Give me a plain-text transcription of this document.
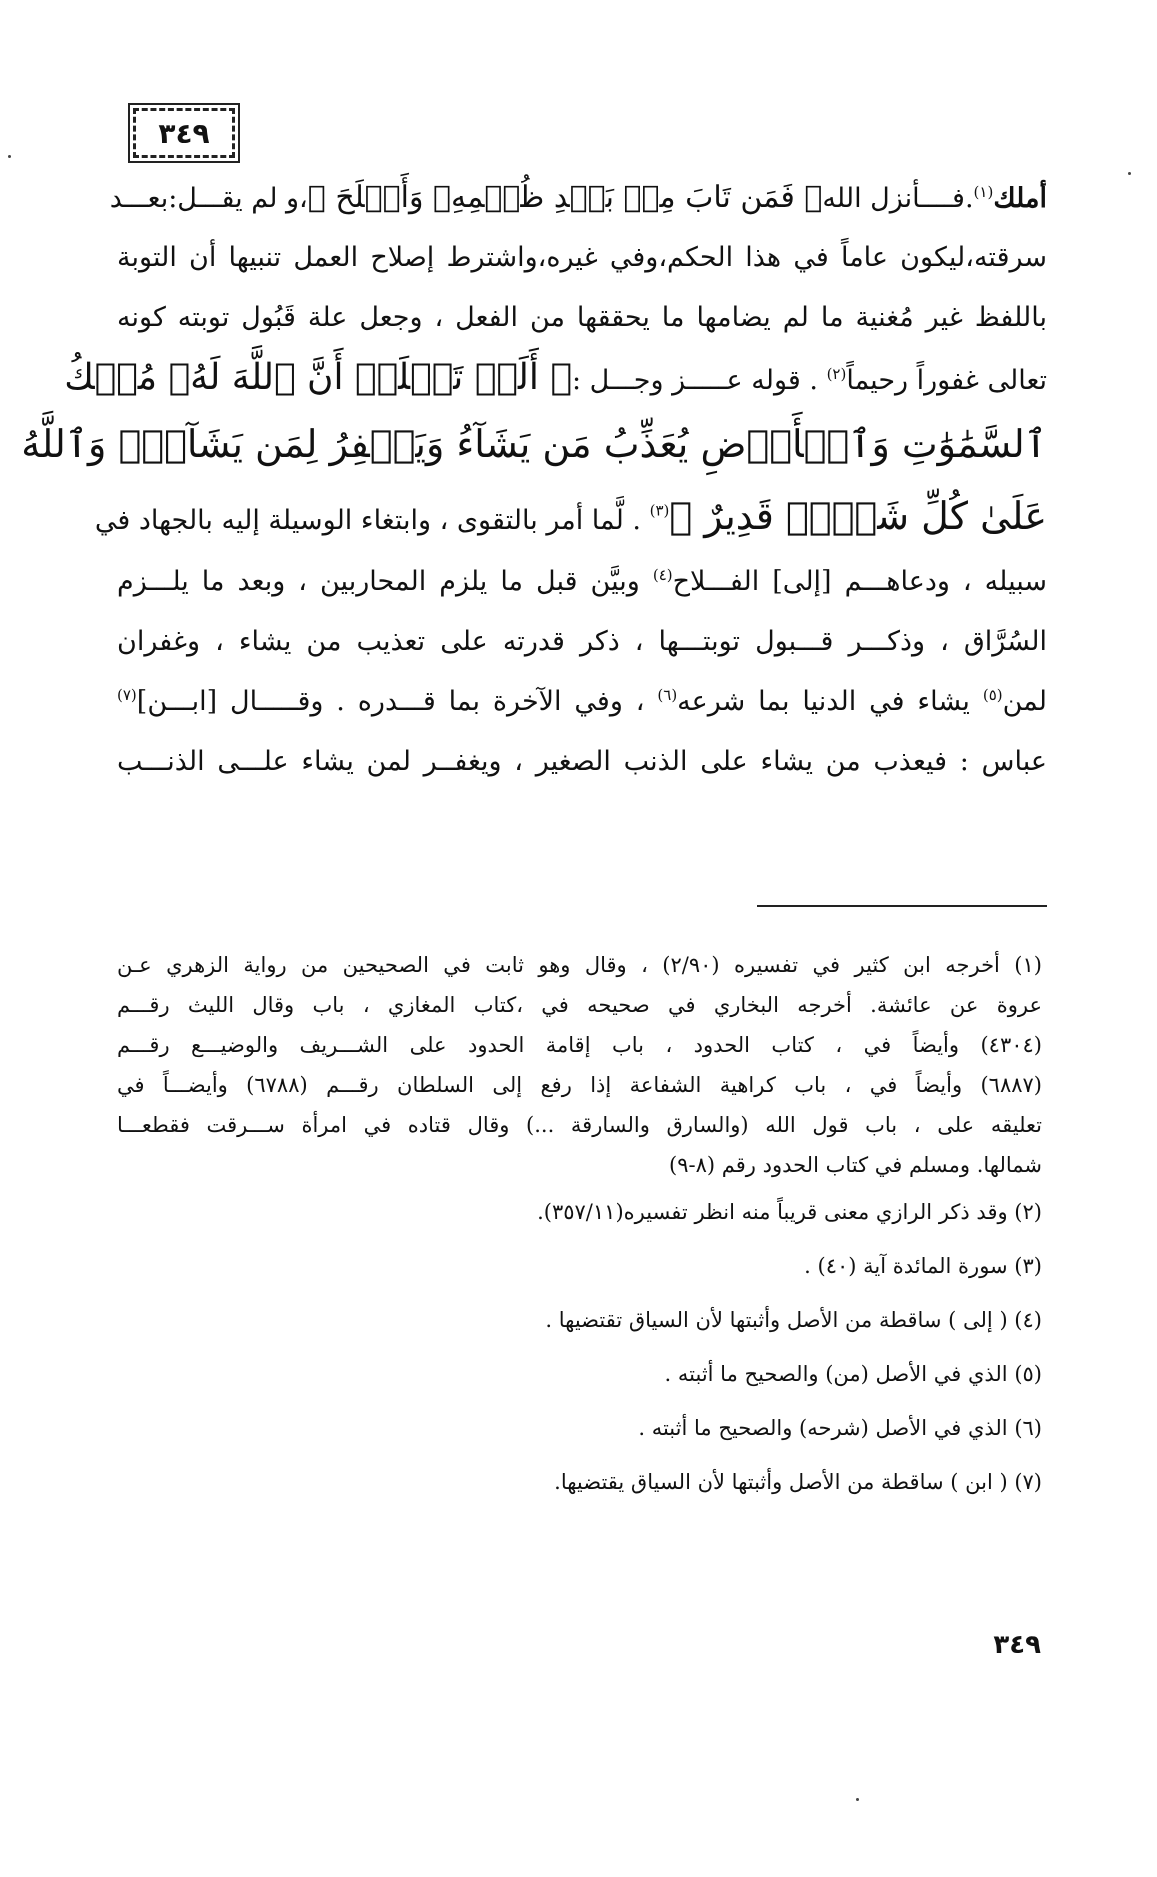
٣٤٩
أملك$^{(١)}$.فــــأنزل الله﴿ فَمَن تَابَ مِنۢ بَعۡدِ ظُلۡمِهِۦ وَأَصۡلَحَ ﴾،و لم يقـــل:بعـــد
سرقته،ليكون عاماً في هذا الحكم،وفي غيره،واشترط إصلاح العمل تنبيها أن التوبة
باللفظ غير مُغنية ما لم يضامها ما يحققها من الفعل ، وجعل علة قَبُول توبته كونه
تعالى غفوراً رحيماً$^{(٢)}$ . قوله عـــــز وجـــل :﴿ أَلَمۡ تَعۡلَمۡ أَنَّ ٱللَّهَ لَهُۥ مُلۡكُ
ٱلسَّمَٰوَٰتِ وَٱلۡأَرۡضِ يُعَذِّبُ مَن يَشَآءُ وَيَغۡفِرُ لِمَن يَشَآءُۗ وَٱللَّهُ
عَلَىٰ كُلِّ شَيۡءٖ قَدِيرٌ ﴾$^{(٣)}$ . لَّما أمر بالتقوى ، وابتغاء الوسيلة إليه بالجهاد في
سبيله ، ودعاهـــم [إلى] الفـــلاح$^{(٤)}$ وبيَّن قبل ما يلزم المحاربين ، وبعد ما يلـــزم
السُرَّاق ، وذكـــر قـــبول توبتـــها ، ذكر قدرته على تعذيب من يشاء ، وغفران
لمن$^{(٥)}$ يشاء في الدنيا بما شرعه$^{(٦)}$ ، وفي الآخرة بما قـــدره . وقـــــال [ابـــن]$^{(٧)}$
عباس : فيعذب من يشاء على الذنب الصغير ، ويغفــر لمن يشاء علـــى الذنـــب
(١) أخرجه ابن كثير في تفسيره (٢/٩٠) ، وقال وهو ثابت في الصحيحين من رواية الزهري عـن
عروة عن عائشة. أخرجه البخاري في صحيحه في ،كتاب المغازي ، باب وقال الليث رقـــم
(٤٣٠٤) وأيضاً في ، كتاب الحدود ، باب إقامة الحدود على الشـــريف والوضيـــع رقـــم
(٦٨٨٧) وأيضاً في ، باب كراهية الشفاعة إذا رفع إلى السلطان رقـــم (٦٧٨٨) وأيضـــاً في
تعليقه على ، باب قول الله (والسارق والسارقة ...) وقال قتاده في امرأة ســـرقت فقطعـــا
شمالها. ومسلم في كتاب الحدود رقم (٨-٩)
(٢) وقد ذكر الرازي معنى قريباً منه انظر تفسيره(٣٥٧/١١).
(٣) سورة المائدة آية (٤٠) .
(٤) ( إلى ) ساقطة من الأصل وأثبتها لأن السياق تقتضيها .
(٥) الذي في الأصل (من) والصحيح ما أثبته .
(٦) الذي في الأصل (شرحه) والصحيح ما أثبته .
(٧) ( ابن ) ساقطة من الأصل وأثبتها لأن السياق يقتضيها.
٣٤٩
